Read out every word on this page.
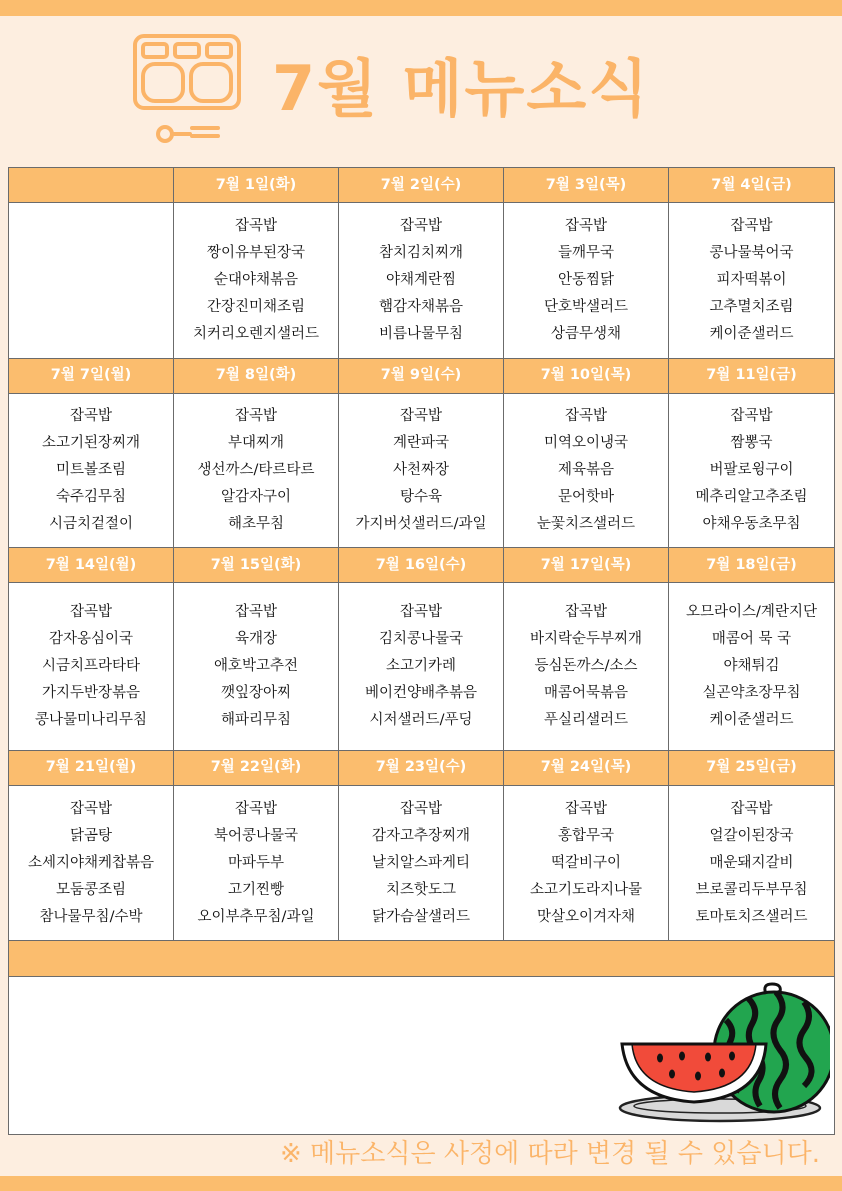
7월 메뉴소식
	7월 1일(화)	7월 2일(수)	7월 3일(목)	7월 4일(금)

	잡곡밥
짱이유부된장국
순대야채볶음
간장진미채조림
치커리오렌지샐러드	잡곡밥
참치김치찌개
야채계란찜
햄감자채볶음
비름나물무침	잡곡밥
들깨무국
안동찜닭
단호박샐러드
상큼무생채	잡곡밥
콩나물북어국
피자떡볶이
고추멸치조림
케이준샐러드

7월 7일(월)	7월 8일(화)	7월 9일(수)	7월 10일(목)	7월 11일(금)

잡곡밥
소고기된장찌개
미트볼조림
숙주김무침
시금치겉절이	잡곡밥
부대찌개
생선까스/타르타르
알감자구이
해초무침	잡곡밥
계란파국
사천짜장
탕수육
가지버섯샐러드/과일	잡곡밥
미역오이냉국
제육볶음
문어핫바
눈꽃치즈샐러드	잡곡밥
짬뽕국
버팔로윙구이
메추리알고추조림
야채우동초무침

7월 14일(월)	7월 15일(화)	7월 16일(수)	7월 17일(목)	7월 18일(금)

잡곡밥
감자옹심이국
시금치프라타타
가지두반장볶음
콩나물미나리무침	잡곡밥
육개장
애호박고추전
깻잎장아찌
해파리무침	잡곡밥
김치콩나물국
소고기카레
베이컨양배추볶음
시저샐러드/푸딩	잡곡밥
바지락순두부찌개
등심돈까스/소스
매콤어묵볶음
푸실리샐러드	오므라이스/계란지단
매콤어 묵 국
야채튀김
실곤약초장무침
케이준샐러드

7월 21일(월)	7월 22일(화)	7월 23일(수)	7월 24일(목)	7월 25일(금)

잡곡밥
닭곰탕
소세지야채케찹볶음
모둠콩조림
참나물무침/수박	잡곡밥
북어콩나물국
마파두부
고기찐빵
오이부추무침/과일	잡곡밥
감자고추장찌개
날치알스파게티
치즈핫도그
닭가슴살샐러드	잡곡밥
홍합무국
떡갈비구이
소고기도라지나물
맛살오이겨자채	잡곡밥
얼갈이된장국
매운돼지갈비
브로콜리두부무침
토마토치즈샐러드

※ 메뉴소식은 사정에 따라 변경 될 수 있습니다.
